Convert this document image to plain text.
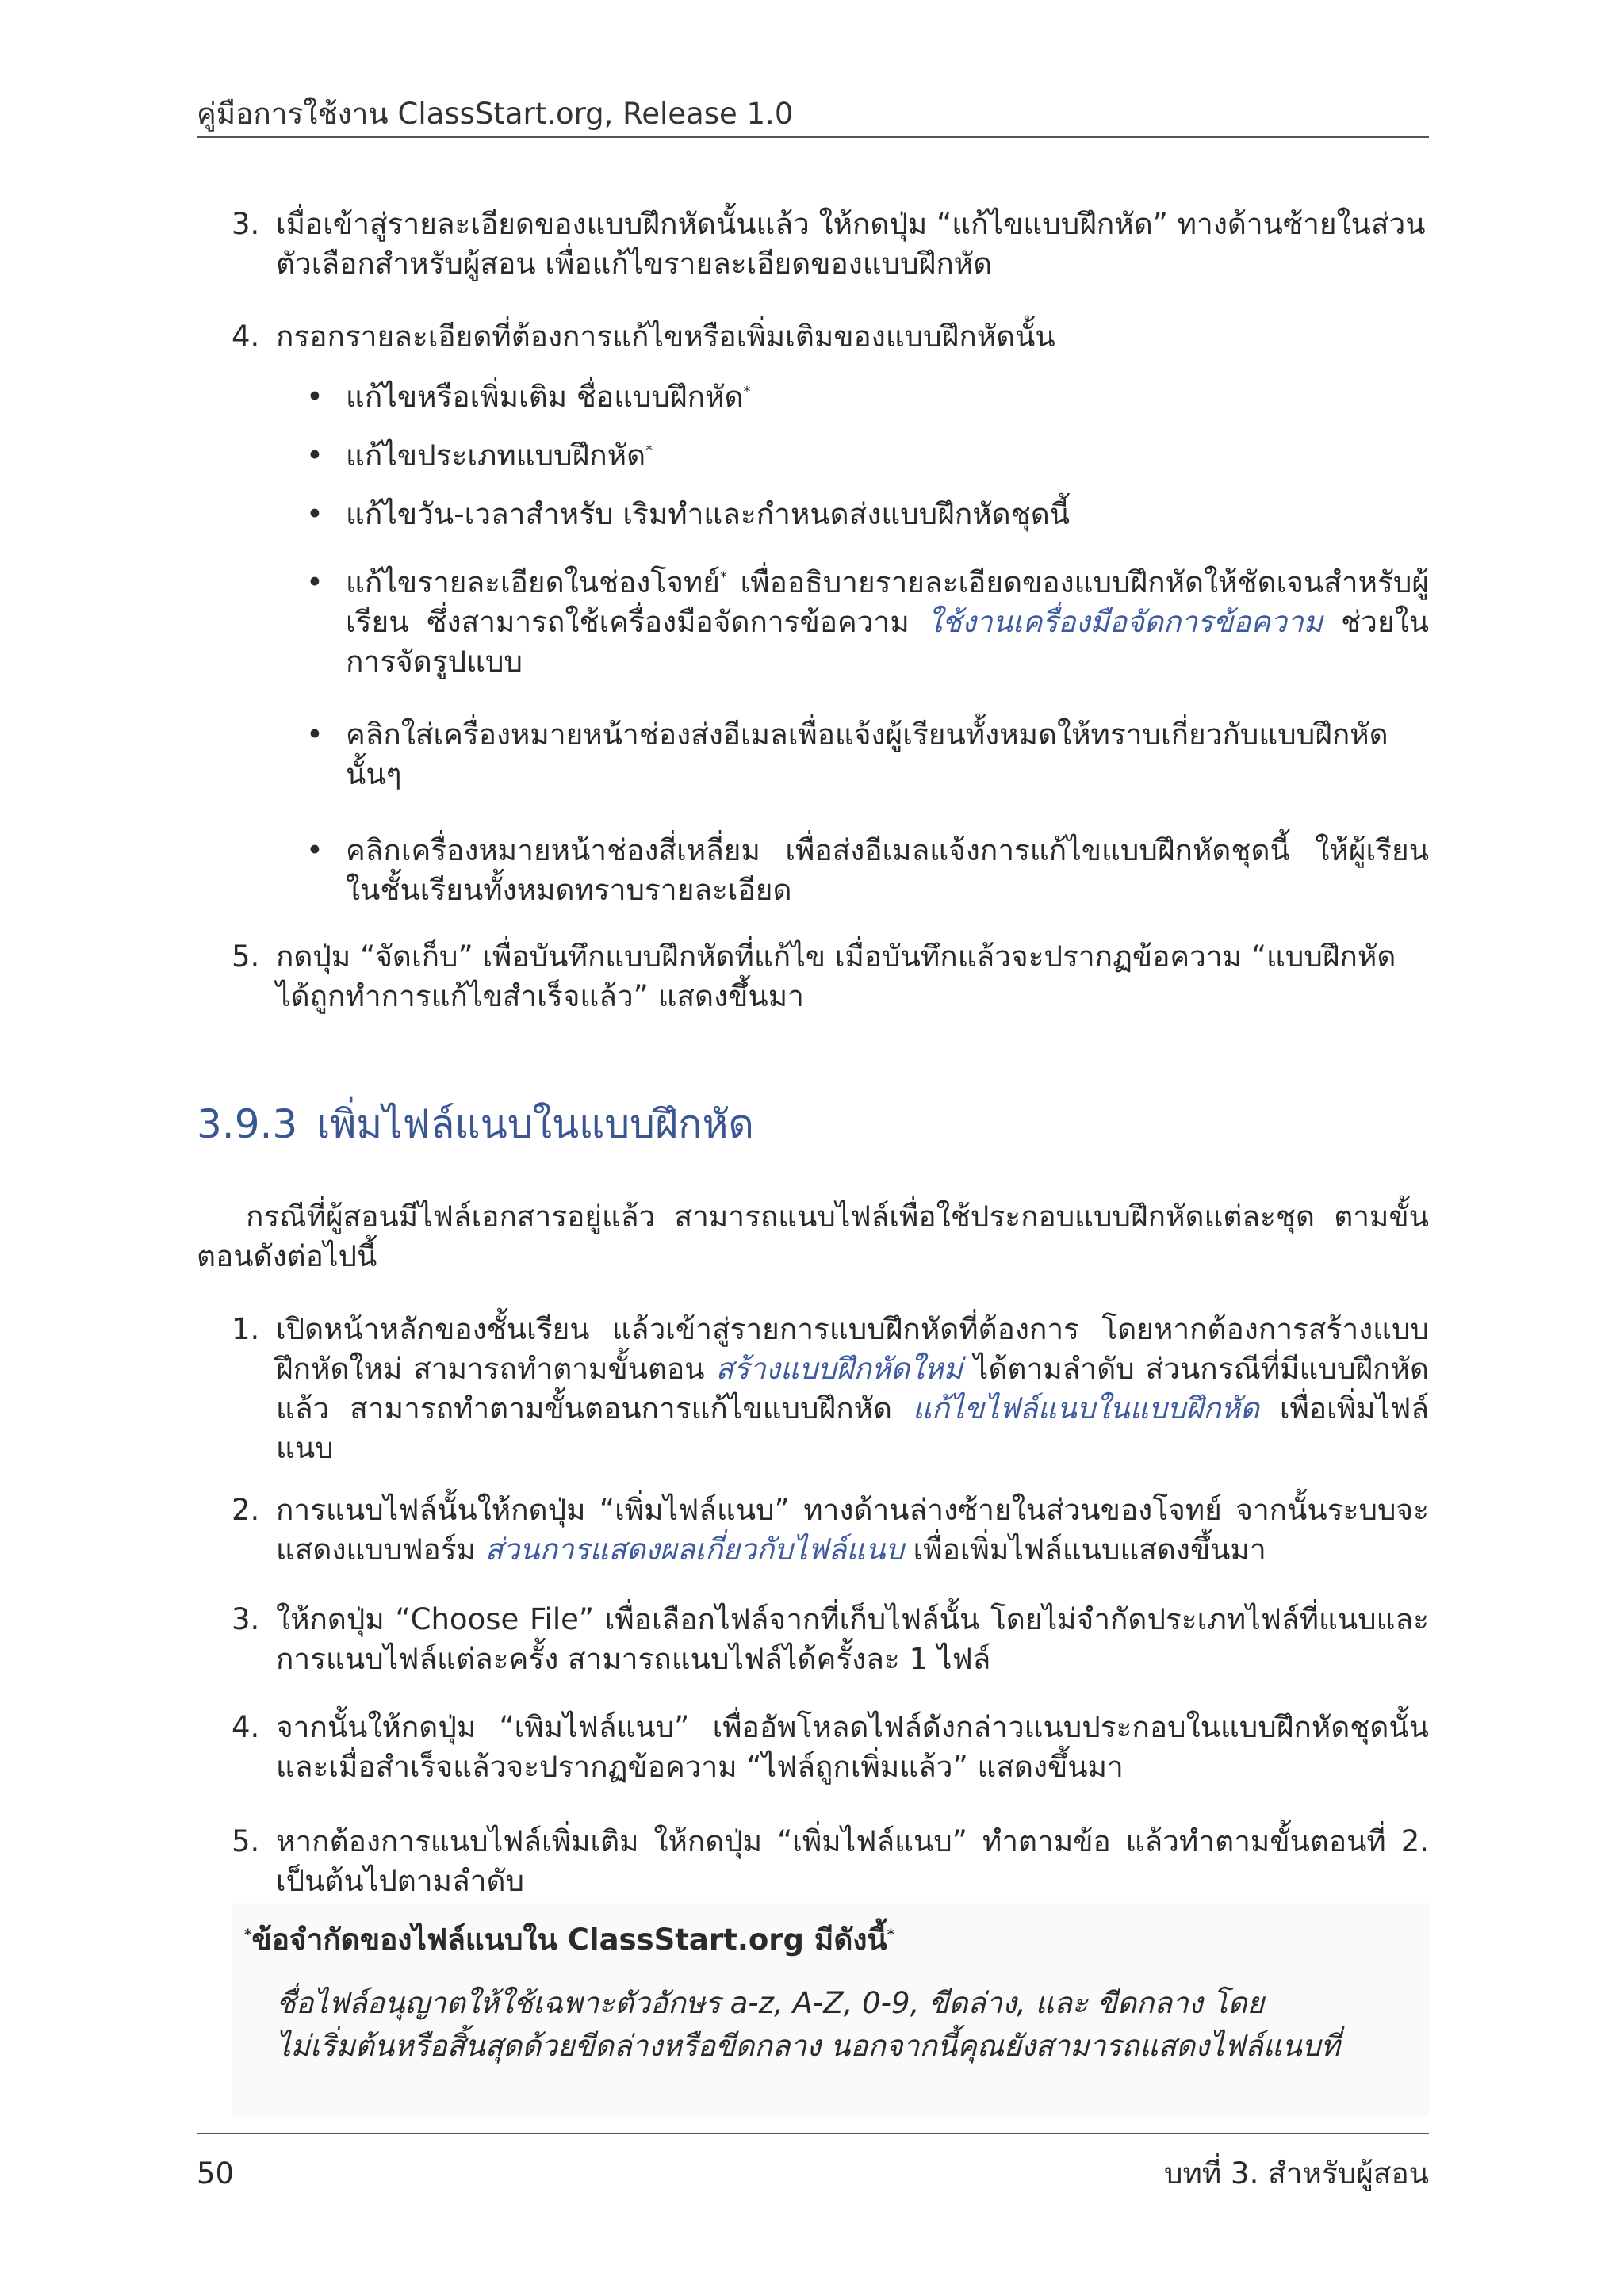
คู่มือการใช้งาน ClassStart.org, Release 1.0
3. เมื่อเข้าสู่รายละเอียดของแบบฝึกหัดนั้นแล้ว ให้กดปุ่ม “แก้ไขแบบฝึกหัด” ทางด้านซ้ายในส่วน
ตัวเลือกสำหรับผู้สอน เพื่อแก้ไขรายละเอียดของแบบฝึกหัด
4. กรอกรายละเอียดที่ต้องการแก้ไขหรือเพิ่มเติมของแบบฝึกหัดนั้น
• แก้ไขหรือเพิ่มเติม ชื่อแบบฝึกหัด*
• แก้ไขประเภทแบบฝึกหัด*
• แก้ไขวัน-เวลาสำหรับ เริมทำและกำหนดส่งแบบฝึกหัดชุดนี้
• แก้ไขรายละเอียดในช่องโจทย์* เพื่ออธิบายรายละเอียดของแบบฝึกหัดให้ชัดเจนสำหรับผู้เรียน ซึ่งสามารถใช้เครื่องมือจัดการข้อความ ใช้งานเครื่องมือจัดการข้อความ ช่วยในการจัดรูปแบบ
• คลิกใส่เครื่องหมายหน้าช่องส่งอีเมลเพื่อแจ้งผู้เรียนทั้งหมดให้ทราบเกี่ยวกับแบบฝึกหัดนั้นๆ
• คลิกเครื่องหมายหน้าช่องสี่เหลี่ยม เพื่อส่งอีเมลแจ้งการแก้ไขแบบฝึกหัดชุดนี้ ให้ผู้เรียนในชั้นเรียนทั้งหมดทราบรายละเอียด
5. กดปุ่ม “จัดเก็บ” เพื่อบันทึกแบบฝึกหัดที่แก้ไข เมื่อบันทึกแล้วจะปรากฏข้อความ “แบบฝึกหัด
ได้ถูกทำการแก้ไขสำเร็จแล้ว” แสดงขึ้นมา
3.9.3 เพิ่มไฟล์แนบในแบบฝึกหัด
กรณีที่ผู้สอนมีไฟล์เอกสารอยู่แล้ว สามารถแนบไฟล์เพื่อใช้ประกอบแบบฝึกหัดแต่ละชุด ตามขั้นตอนดังต่อไปนี้
1. เปิดหน้าหลักของชั้นเรียน แล้วเข้าสู่รายการแบบฝึกหัดที่ต้องการ โดยหากต้องการสร้างแบบฝึกหัดใหม่ สามารถทำตามขั้นตอน สร้างแบบฝึกหัดใหม่ ได้ตามลำดับ ส่วนกรณีที่มีแบบฝึกหัดแล้ว สามารถทำตามขั้นตอนการแก้ไขแบบฝึกหัด แก้ไขไฟล์แนบในแบบฝึกหัด เพื่อเพิ่มไฟล์แนบ
2. การแนบไฟล์นั้นให้กดปุ่ม “เพิ่มไฟล์แนบ” ทางด้านล่างซ้ายในส่วนของโจทย์ จากนั้นระบบจะแสดงแบบฟอร์ม ส่วนการแสดงผลเกี่ยวกับไฟล์แนบ เพื่อเพิ่มไฟล์แนบแสดงขึ้นมา
3. ให้กดปุ่ม “Choose File” เพื่อเลือกไฟล์จากที่เก็บไฟล์นั้น โดยไม่จำกัดประเภทไฟล์ที่แนบและการแนบไฟล์แต่ละครั้ง สามารถแนบไฟล์ได้ครั้งละ 1 ไฟล์
4. จากนั้นให้กดปุ่ม “เพิมไฟล์แนบ” เพื่ออัพโหลดไฟล์ดังกล่าวแนบประกอบในแบบฝึกหัดชุดนั้นและเมื่อสำเร็จแล้วจะปรากฏข้อความ “ไฟล์ถูกเพิ่มแล้ว” แสดงขึ้นมา
5. หากต้องการแนบไฟล์เพิ่มเติม ให้กดปุ่ม “เพิ่มไฟล์แนบ” ทำตามข้อ แล้วทำตามขั้นตอนที่ 2. เป็นต้นไปตามลำดับ
*ข้อจำกัดของไฟล์แนบใน ClassStart.org มีดังนี้*
ชื่อไฟล์อนุญาตให้ใช้เฉพาะตัวอักษร a-z, A-Z, 0-9, ขีดล่าง, และ ขีดกลาง โดย
ไม่เริ่มต้นหรือสิ้นสุดด้วยขีดล่างหรือขีดกลาง นอกจากนี้คุณยังสามารถแสดงไฟล์แนบที่
50	บทที่ 3. สำหรับผู้สอน
